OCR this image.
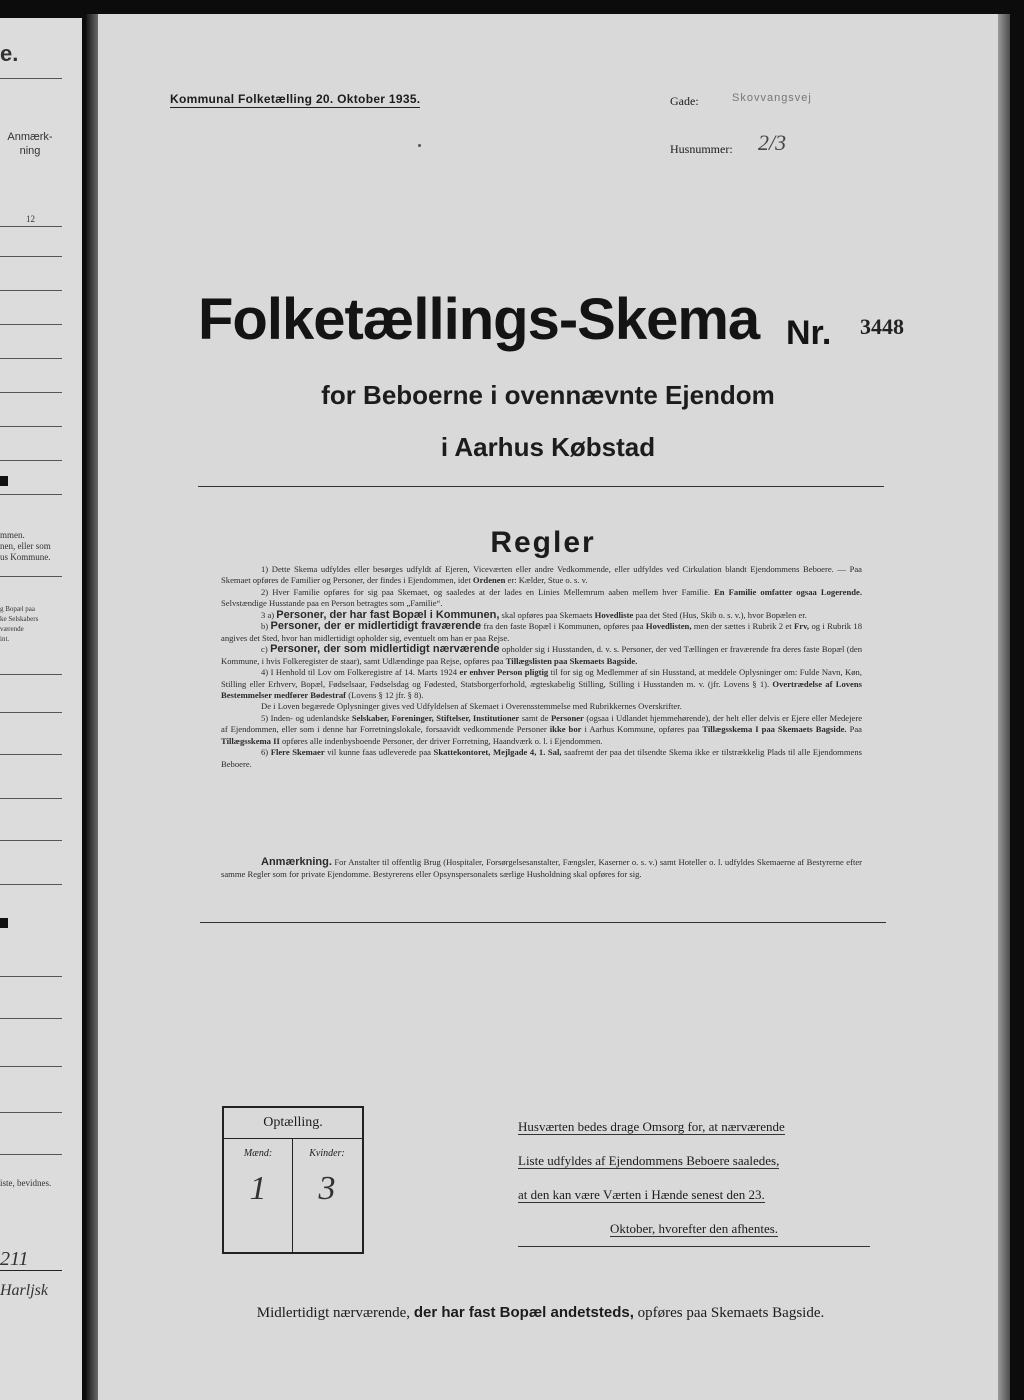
e.
Anmærk-
ning
12
mmen.
nen, eller som
us Kommune.
g Bopæl paa
ke Selskabers
værende
int.
iste, bevidnes.
211
Harljsk
Kommunal Folketælling 20. Oktober 1935.	Gade:	Skovvangsvej
Husnummer: 2/3
Folketællings-Skema Nr. 3448
for Beboerne i ovennævnte Ejendom
i Aarhus Købstad
Regler

1) Dette Skema udfyldes eller besørges udfyldt af Ejeren, Viceværten eller andre Vedkommende, eller udfyldes ved Cirkulation blandt Ejendommens Beboere. — Paa Skemaet opføres de Familier og Personer, der findes i Ejendommen, idet Ordenen er: Kælder, Stue o. s. v.

2) Hver Familie opføres for sig paa Skemaet, og saaledes at der lades en Linies Mellemrum aaben mellem hver Familie. En Familie omfatter ogsaa Logerende. Selvstændige Husstande paa en Person betragtes som „Familie“.

3 a) Personer, der har fast Bopæl i Kommunen, skal opføres paa Skemaets Hovedliste paa det Sted (Hus, Skib o. s. v.), hvor Bopælen er.

b) Personer, der er midlertidigt fraværende fra den faste Bopæl i Kommunen, opføres paa Hovedlisten, men der sættes i Rubrik 2 et Frv, og i Rubrik 18 angives det Sted, hvor han midlertidigt opholder sig, eventuelt om han er paa Rejse.

c) Personer, der som midlertidigt nærværende opholder sig i Husstanden, d. v. s. Personer, der ved Tællingen er fraværende fra deres faste Bopæl (den Kommune, i hvis Folkeregister de staar), samt Udlændinge paa Rejse, opføres paa Tillægslisten paa Skemaets Bagside.

4) I Henhold til Lov om Folkeregistre af 14. Marts 1924 er enhver Person pligtig til for sig og Medlemmer af sin Husstand, at meddele Oplysninger om: Fulde Navn, Køn, Stilling eller Erhverv, Bopæl, Fødselsaar, Fødselsdag og Fødested, Statsborgerforhold, ægteskabelig Stilling, Stilling i Husstanden m. v. (jfr. Lovens § 1). Overtrædelse af Lovens Bestemmelser medfører Bødestraf (Lovens § 12 jfr. § 8).

De i Loven begærede Oplysninger gives ved Udfyldelsen af Skemaet i Overensstemmelse med Rubrikkernes Overskrifter.

5) Inden- og udenlandske Selskaber, Foreninger, Stiftelser, Institutioner samt de Personer (ogsaa i Udlandet hjemmehørende), der helt eller delvis er Ejere eller Medejere af Ejendommen, eller som i denne har Forretningslokale, forsaavidt vedkommende Personer ikke bor i Aarhus Kommune, opføres paa Tillægsskema I paa Skemaets Bagside. Paa Tillægsskema II opføres alle indenbysboende Personer, der driver Forretning, Haandværk o. l. i Ejendommen.

6) Flere Skemaer vil kunne faas udleverede paa Skattekontoret, Mejlgade 4, 1. Sal, saafremt der paa det tilsendte Skema ikke er tilstrækkelig Plads til alle Ejendommens Beboere.

Anmærkning. For Anstalter til offentlig Brug (Hospitaler, Forsørgelsesanstalter, Fængsler, Kaserner o. s. v.) samt Hoteller o. l. udfyldes Skemaerne af Bestyrerne efter samme Regler som for private Ejendomme. Bestyrerens eller Opsynspersonalets særlige Husholdning skal opføres for sig.
Optælling.
Mænd:	Kvinder:
1	3
Husværten bedes drage Omsorg for, at nærværende
Liste udfyldes af Ejendommens Beboere saaledes,
at den kan være Værten i Hænde senest den 23.

Oktober, hvorefter den afhentes.
Midlertidigt nærværende, der har fast Bopæl andetsteds, opføres paa Skemaets Bagside.
